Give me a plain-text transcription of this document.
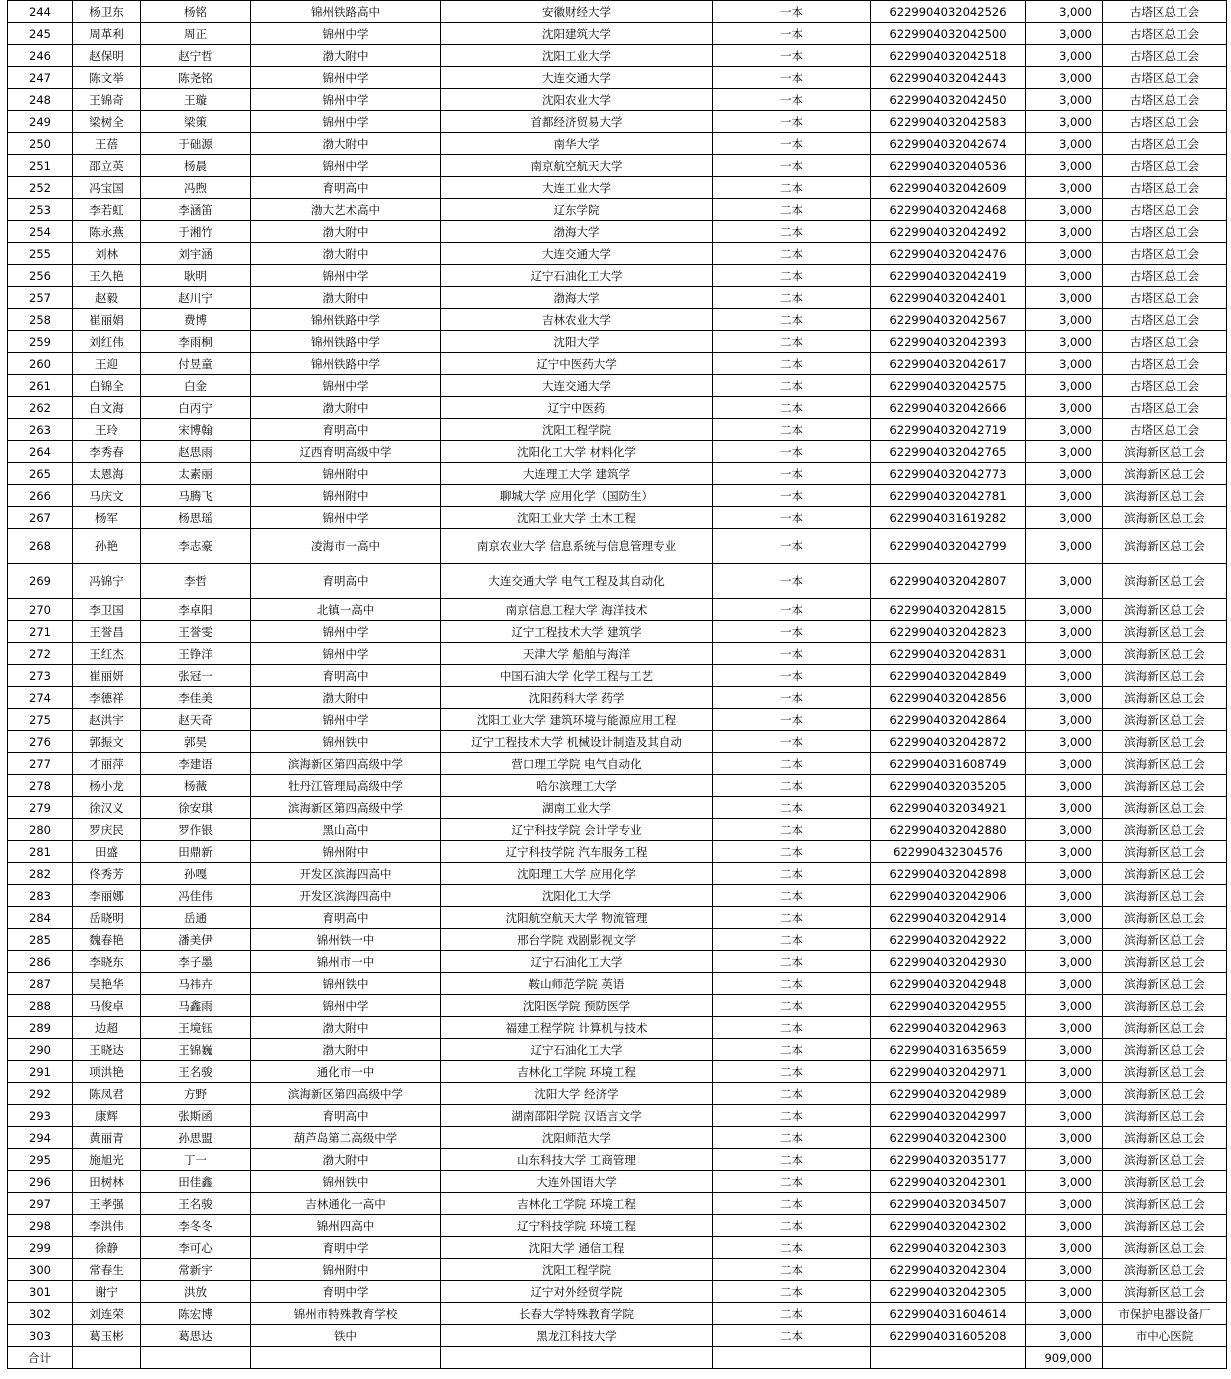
244	杨卫东	杨铭	锦州铁路高中	安徽财经大学	一本	6229904032042526	3,000	古塔区总工会
245	周革利	周正	锦州中学	沈阳建筑大学	一本	6229904032042500	3,000	古塔区总工会
246	赵保明	赵宁哲	渤大附中	沈阳工业大学	一本	6229904032042518	3,000	古塔区总工会
247	陈文举	陈尧铭	锦州中学	大连交通大学	一本	6229904032042443	3,000	古塔区总工会
248	王锦奇	王璇	锦州中学	沈阳农业大学	一本	6229904032042450	3,000	古塔区总工会
249	梁树全	梁策	锦州中学	首都经济贸易大学	一本	6229904032042583	3,000	古塔区总工会
250	王蓓	于础源	渤大附中	南华大学	一本	6229904032042674	3,000	古塔区总工会
251	邵立英	杨晨	锦州中学	南京航空航天大学	一本	6229904032040536	3,000	古塔区总工会
252	冯宝国	冯煦	育明高中	大连工业大学	二本	6229904032042609	3,000	古塔区总工会
253	李若虹	李涵笛	渤大艺术高中	辽东学院	二本	6229904032042468	3,000	古塔区总工会
254	陈永燕	于湘竹	渤大附中	渤海大学	二本	6229904032042492	3,000	古塔区总工会
255	刘林	刘宇涵	渤大附中	大连交通大学	二本	6229904032042476	3,000	古塔区总工会
256	王久艳	耿明	锦州中学	辽宁石油化工大学	二本	6229904032042419	3,000	古塔区总工会
257	赵毅	赵川宁	渤大附中	渤海大学	二本	6229904032042401	3,000	古塔区总工会
258	崔丽娟	费博	锦州铁路中学	吉林农业大学	二本	6229904032042567	3,000	古塔区总工会
259	刘红伟	李雨桐	锦州铁路中学	沈阳大学	二本	6229904032042393	3,000	古塔区总工会
260	王迎	付昱童	锦州铁路中学	辽宁中医药大学	二本	6229904032042617	3,000	古塔区总工会
261	白锦全	白金	锦州中学	大连交通大学	二本	6229904032042575	3,000	古塔区总工会
262	白文海	白丙宁	渤大附中	辽宁中医药	二本	6229904032042666	3,000	古塔区总工会
263	王玲	宋博翰	育明高中	沈阳工程学院	二本	6229904032042719	3,000	古塔区总工会
264	李秀春	赵思雨	辽西育明高级中学	沈阳化工大学 材料化学	一本	6229904032042765	3,000	滨海新区总工会
265	太恩海	太素丽	锦州附中	大连理工大学 建筑学	一本	6229904032042773	3,000	滨海新区总工会
266	马庆文	马腾飞	锦州附中	聊城大学 应用化学（国防生）	一本	6229904032042781	3,000	滨海新区总工会
267	杨军	杨思瑶	锦州中学	沈阳工业大学 土木工程	一本	6229904031619282	3,000	滨海新区总工会
268	孙艳	李志豪	凌海市一高中	南京农业大学 信息系统与信息管理专业	一本	6229904032042799	3,000	滨海新区总工会
269	冯锦宁	李哲	育明高中	大连交通大学 电气工程及其自动化	一本	6229904032042807	3,000	滨海新区总工会
270	李卫国	李卓阳	北镇一高中	南京信息工程大学 海洋技术	一本	6229904032042815	3,000	滨海新区总工会
271	王誉昌	王誉雯	锦州中学	辽宁工程技术大学 建筑学	一本	6229904032042823	3,000	滨海新区总工会
272	王红杰	王铮洋	锦州中学	天津大学 船舶与海洋	一本	6229904032042831	3,000	滨海新区总工会
273	崔丽妍	张冠一	育明高中	中国石油大学 化学工程与工艺	一本	6229904032042849	3,000	滨海新区总工会
274	李德祥	李佳美	渤大附中	沈阳药科大学 药学	一本	6229904032042856	3,000	滨海新区总工会
275	赵洪宇	赵天奇	锦州中学	沈阳工业大学 建筑环境与能源应用工程	一本	6229904032042864	3,000	滨海新区总工会
276	郭振文	郭昊	锦州铁中	辽宁工程技术大学 机械设计制造及其自动	一本	6229904032042872	3,000	滨海新区总工会
277	才丽萍	李建语	滨海新区第四高级中学	营口理工学院 电气自动化	二本	6229904031608749	3,000	滨海新区总工会
278	杨小龙	杨薇	牡丹江管理局高级中学	哈尔滨理工大学	二本	6229904032035205	3,000	滨海新区总工会
279	徐汉义	徐安琪	滨海新区第四高级中学	湖南工业大学	二本	6229904032034921	3,000	滨海新区总工会
280	罗庆民	罗作银	黑山高中	辽宁科技学院 会计学专业	二本	6229904032042880	3,000	滨海新区总工会
281	田盛	田鼎新	锦州附中	辽宁科技学院 汽车服务工程	二本	622990432304576	3,000	滨海新区总工会
282	佟秀芳	孙嘎	开发区滨海四高中	沈阳理工大学 应用化学	二本	6229904032042898	3,000	滨海新区总工会
283	李丽娜	冯佳伟	开发区滨海四高中	沈阳化工大学	二本	6229904032042906	3,000	滨海新区总工会
284	岳晓明	岳通	育明高中	沈阳航空航天大学 物流管理	二本	6229904032042914	3,000	滨海新区总工会
285	魏春艳	潘美伊	锦州铁一中	邢台学院 戏剧影视文学	二本	6229904032042922	3,000	滨海新区总工会
286	李晓东	李子墨	锦州市一中	辽宁石油化工大学	二本	6229904032042930	3,000	滨海新区总工会
287	吴艳华	马祎卉	锦州铁中	鞍山师范学院 英语	二本	6229904032042948	3,000	滨海新区总工会
288	马俊卓	马鑫雨	锦州中学	沈阳医学院 预防医学	二本	6229904032042955	3,000	滨海新区总工会
289	边超	王境钰	渤大附中	福建工程学院 计算机与技术	二本	6229904032042963	3,000	滨海新区总工会
290	王晓达	王锦巍	渤大附中	辽宁石油化工大学	二本	6229904031635659	3,000	滨海新区总工会
291	项洪艳	王名骏	通化市一中	吉林化工学院 环境工程	二本	6229904032042971	3,000	滨海新区总工会
292	陈凤君	方野	滨海新区第四高级中学	沈阳大学 经济学	二本	6229904032042989	3,000	滨海新区总工会
293	康辉	张斯函	育明高中	湖南邵阳学院 汉语言文学	二本	6229904032042997	3,000	滨海新区总工会
294	黄丽青	孙思盟	葫芦岛第二高级中学	沈阳师范大学	二本	6229904032042300	3,000	滨海新区总工会
295	施旭光	丁一	渤大附中	山东科技大学 工商管理	二本	6229904032035177	3,000	滨海新区总工会
296	田树林	田佳鑫	锦州铁中	大连外国语大学	二本	6229904032042301	3,000	滨海新区总工会
297	王孝强	王名骏	吉林通化一高中	吉林化工学院 环境工程	二本	6229904032034507	3,000	滨海新区总工会
298	李洪伟	李冬冬	锦州四高中	辽宁科技学院 环境工程	二本	6229904032042302	3,000	滨海新区总工会
299	徐静	李可心	育明中学	沈阳大学 通信工程	二本	6229904032042303	3,000	滨海新区总工会
300	常春生	常新宇	锦州附中	沈阳工程学院	二本	6229904032042304	3,000	滨海新区总工会
301	谢宁	洪放	育明中学	辽宁对外经贸学院	二本	6229904032042305	3,000	滨海新区总工会
302	刘连荣	陈宏博	锦州市特殊教育学校	长春大学特殊教育学院	二本	6229904031604614	3,000	市保护电器设备厂
303	葛玉彬	葛思达	铁中	黑龙江科技大学	二本	6229904031605208	3,000	市中心医院
合计							909,000	
